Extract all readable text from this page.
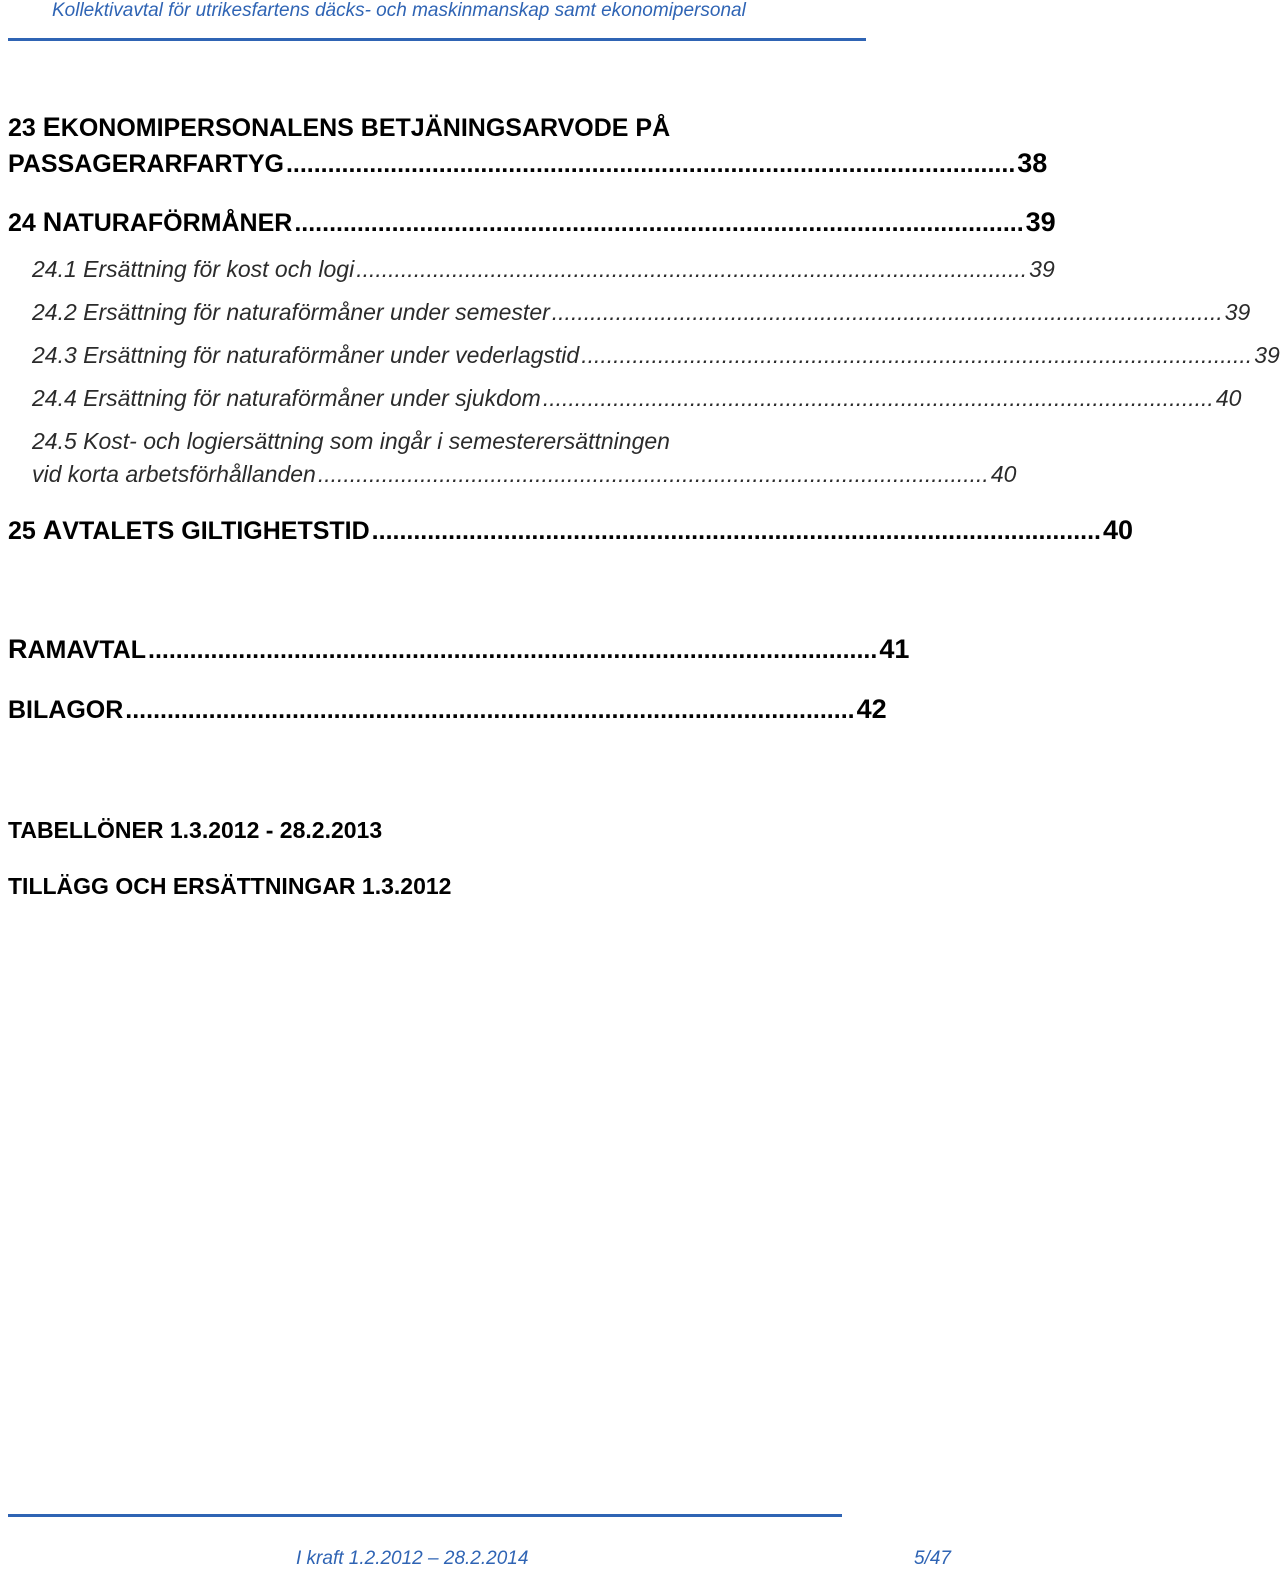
Kollektivavtal för utrikesfartens däcks- och maskinmanskap samt ekonomipersonal
23 EKONOMIPERSONALENS BETJÄNINGSARVODE PÅ
PASSAGERARFARTYG ......................................................................................................... 38
24 NATURAFÖRMÅNER ......................................................................................................... 39
24.1 Ersättning för kost och logi ......................................................................................................... 39
24.2 Ersättning för naturaförmåner under semester ......................................................................................................... 39
24.3 Ersättning för naturaförmåner under vederlagstid ......................................................................................................... 39
24.4 Ersättning för naturaförmåner under sjukdom ......................................................................................................... 40
24.5 Kost- och logiersättning som ingår i semesterersättningen
vid korta arbetsförhållanden ......................................................................................................... 40
25 AVTALETS GILTIGHETSTID ......................................................................................................... 40
RAMAVTAL ......................................................................................................... 41
BILAGOR ......................................................................................................... 42
TABELLÖNER 1.3.2012 - 28.2.2013
TILLÄGG OCH ERSÄTTNINGAR 1.3.2012
I kraft 1.2.2012 – 28.2.2014	5/47
